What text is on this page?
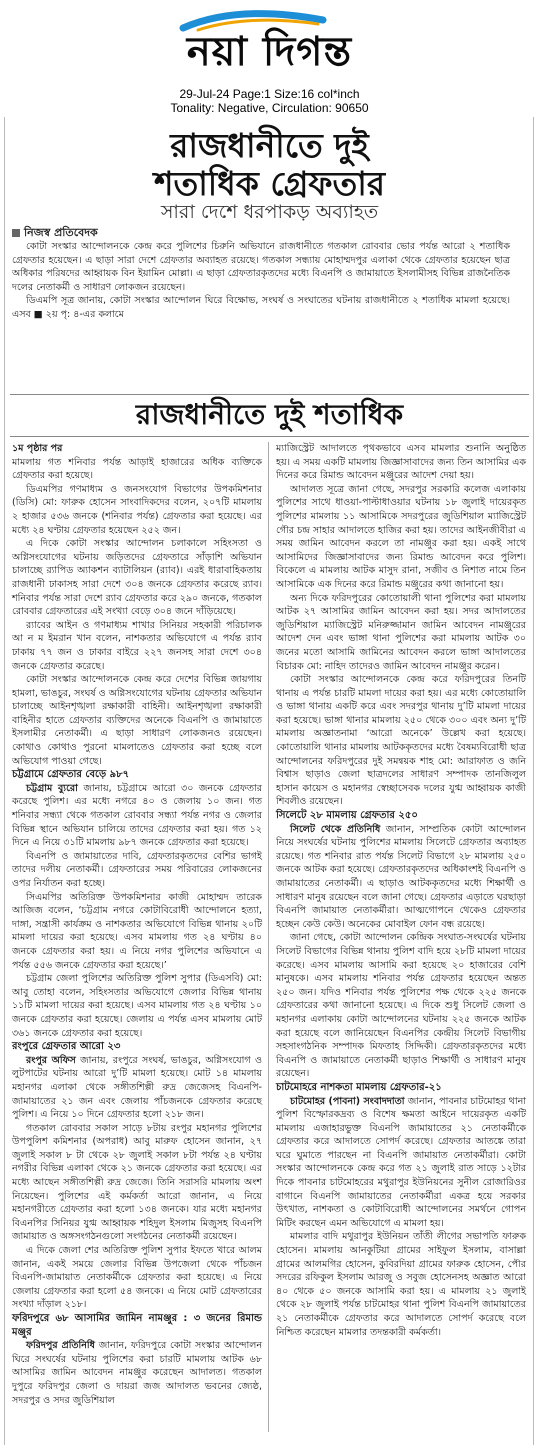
নয়া দিগন্ত
29-Jul-24 Page:1 Size:16 col*inch
Tonality: Negative, Circulation: 90650
রাজধানীতে দুই
শতাধিক গ্রেফতার
সারা দেশে ধরপাকড় অব্যাহত
নিজস্ব প্রতিবেদক

কোটা সংস্কার আন্দোলনকে কেন্দ্র করে পুলিশের চিরুনি অভিযানে রাজধানীতে গতকাল রোববার ভোর পর্যন্ত আরো ২ শতাধিক গ্রেফতার হয়েছেন। এ ছাড়া সারা দেশে গ্রেফতার অব্যাহত রয়েছে। গতকাল সন্ধ্যায় মোহাম্মদপুর এলাকা থেকে গ্রেফতার হয়েছেন ছাত্র অধিকার পরিষদের আহ্বায়ক বিন ইয়ামিন মোল্লা। এ ছাড়া গ্রেফতারকৃতদের মধ্যে বিএনপি ও জামায়াতে ইসলামীসহ বিভিন্ন রাজনৈতিক দলের নেতাকর্মী ও সাধারণ লোকজন রয়েছেন।

ডিএমপি সূত্র জানায়, কোটা সংস্কার আন্দোলন ঘিরে বিক্ষোভ, সংঘর্ষ ও সংঘাতের ঘটনায় রাজধানীতে ২ শতাধিক মামলা হয়েছে। এসব ■ ২য় পৃ: ৪-এর কলামে

রাজধানীতে দুই শতাধিক

১ম পৃষ্ঠার পর

মামলায় গত শনিবার পর্যন্ত আড়াই হাজারের অধিক ব্যক্তিকে গ্রেফতার করা হয়েছে।

ডিএমপির গণমাধ্যম ও জনসংযোগ বিভাগের উপকমিশনার (ডিসি) মো: ফারুক হোসেন সাংবাদিকদের বলেন, ২০৭টি মামলায় ২ হাজার ৫৩৬ জনকে (শনিবার পর্যন্ত) গ্রেফতার করা হয়েছে। এর মধ্যে ২৪ ঘণ্টায় গ্রেফতার হয়েছেন ২৫২ জন।

এ দিকে কোটা সংস্কার আন্দোলন চলাকালে সহিংসতা ও অগ্নিসংযোগের ঘটনায় জড়িতদের গ্রেফতারে সাঁড়াশি অভিযান চালাচ্ছে র‌্যাপিড অ্যাকশন ব্যাটালিয়ন (র‌্যাব)। এরই ধারাবাহিকতায় রাজধানী ঢাকাসহ সারা দেশে ৩০৪ জনকে গ্রেফতার করেছে র‌্যাব। শনিবার পর্যন্ত সারা দেশে র‌্যাব গ্রেফতার করে ২৯০ জনকে, গতকাল রোববার গ্রেফতারের এই সংখ্যা বেড়ে ৩০৪ জনে দাঁড়িয়েছে।

র‌্যাবের আইন ও গণমাধ্যম শাখার সিনিয়র সহকারী পরিচালক আ ন ম ইমরান খান বলেন, নাশকতার অভিযোগে এ পর্যন্ত র‌্যাব ঢাকায় ৭৭ জন ও ঢাকার বাইরে ২২৭ জনসহ সারা দেশে ৩০৪ জনকে গ্রেফতার করেছে।

কোটা সংস্কার আন্দোলনকে কেন্দ্র করে দেশের বিভিন্ন জায়গায় হামলা, ভাঙচুর, সংঘর্ষ ও অগ্নিসংযোগের ঘটনায় গ্রেফতার অভিযান চালাচ্ছে আইনশৃঙ্খলা রক্ষাকারী বাহিনী। আইনশৃঙ্খলা রক্ষাকারী বাহিনীর হাতে গ্রেফতার ব্যক্তিদের অনেকে বিএনপি ও জামায়াতে ইসলামীর নেতাকর্মী। এ ছাড়া সাধারণ লোকজনও রয়েছেন। কোথাও কোথাও পুরনো মামলাতেও গ্রেফতার করা হচ্ছে বলে অভিযোগ পাওয়া গেছে।

চট্টগ্রামে গ্রেফতার বেড়ে ৯৮৭

চট্টগ্রাম ব্যুরো জানায়, চট্টগ্রামে আরো ৩০ জনকে গ্রেফতার করেছে পুলিশ। এর মধ্যে নগরে ৪০ ও জেলায় ১০ জন। গত শনিবার সন্ধ্যা থেকে গতকাল রোববার সন্ধ্যা পর্যন্ত নগর ও জেলার বিভিন্ন স্থানে অভিযান চালিয়ে তাদের গ্রেফতার করা হয়। গত ১২ দিনে এ নিয়ে ৩১টি মামলায় ৯৮৭ জনকে গ্রেফতার করা হয়েছে।

বিএনপি ও জামায়াতের দাবি, গ্রেফতারকৃতদের বেশির ভাগই তাদের দলীয় নেতাকর্মী। গ্রেফতারের সময় পরিবারের লোকজনের ওপর নির্যাতন করা হচ্ছে।

সিএমপির অতিরিক্ত উপকমিশনার কাজী মোহাম্মদ তারেক আজিজ বলেন, ‘চট্টগ্রাম নগরে কোটাবিরোধী আন্দোলনে হত্যা, দাঙ্গা, সন্ত্রাসী কার্যক্রম ও নাশকতার অভিযোগে বিভিন্ন থানায় ২০টি মামলা দায়ের করা হয়েছে। এসব মামলায় গত ২৪ ঘণ্টায় ৪০ জনকে গ্রেফতার করা হয়। এ নিয়ে নগর পুলিশের অভিযানে এ পর্যন্ত ৫৫৬ জনকে গ্রেফতার করা হয়েছে।’

চট্টগ্রাম জেলা পুলিশের অতিরিক্ত পুলিশ সুপার (ডিএসবি) মো: আবু তোহা বলেন, সহিংসতার অভিযোগে জেলার বিভিন্ন থানায় ১১টি মামলা দায়ের করা হয়েছে। এসব মামলায় গত ২৪ ঘণ্টায় ১০ জনকে গ্রেফতার করা হয়েছে। জেলায় এ পর্যন্ত এসব মামলায় মোট ৩৬১ জনকে গ্রেফতার করা হয়েছে।

রংপুরে গ্রেফতার আরো ২৩

রংপুর অফিস জানায়, রংপুরে সংঘর্ষ, ভাঙচুর, অগ্নিসংযোগ ও লুটপাটের ঘটনায় আরো দু’টি মামলা হয়েছে। মোট ১৪ মামলায় মহানগর এলাকা থেকে সঙ্গীতশিল্পী রুদ্র জেজেসহ বিএনপি-জামায়াতের ২১ জন এবং জেলায় পাঁচজনকে গ্রেফতার করেছে পুলিশ। এ নিয়ে ১০ দিনে গ্রেফতার হলো ২১৮ জন।

গতকাল রোববার সকাল সাড়ে ৮টায় রংপুর মহানগর পুলিশের উপপুলিশ কমিশনার (অপরাধ) আবু মারুফ হোসেন জানান, ২৭ জুলাই সকাল ৮ টা থেকে ২৮ জুলাই সকাল ৮টা পর্যন্ত ২৪ ঘণ্টায় নগরীর বিভিন্ন এলাকা থেকে ২১ জনকে গ্রেফতার করা হয়েছে। এর মধ্যে আছেন সঙ্গীতশিল্পী রুদ্র জেজে। তিনি সরাসরি মামলায় অংশ নিয়েছেন। পুলিশের এই কর্মকর্তা আরো জানান, এ নিয়ে মহানগরীতে গ্রেফতার করা হলো ১৩৪ জনকে। যার মধ্যে মহানগর বিএনপির সিনিয়র যুগ্ম আহ্বায়ক শহিদুল ইসলাম মিজুসহ বিএনপি জামায়াত ও অঙ্গসংগঠনগুলো সংগঠনের নেতাকর্মী রয়েছেন।

এ দিকে জেলা শের অতিরিক্ত পুলিশ সুপার ইফতে খারে আলম জানান, একই সময়ে জেলার বিভিন্ন উপজেলা থেকে পাঁচজন বিএনপি-জামায়াত নেতাকর্মীকে গ্রেফতার করা হয়েছে। এ নিয়ে জেলায় গ্রেফতার করা হলো ৫৪ জনকে। এ নিয়ে মোট গ্রেফতারের সংখ্যা দাঁড়াল ২১৮।

ফরিদপুরে ৬৮ আসামির জামিন নামঞ্জুর : ৩ জনের রিমান্ড মঞ্জুর

ফরিদপুর প্রতিনিধি জানান, ফরিদপুরে কোটা সংস্কার আন্দোলন ঘিরে সংঘর্ষের ঘটনায় পুলিশের করা চারটি মামলায় আটক ৬৮ আসামির জামিন আবেদন নামঞ্জুর করেছেন আদালত। গতকাল দুপুরে ফরিদপুর জেলা ও দায়রা জজ আদালত ভবনের জ্যেষ্ঠ, সদরপুর ও সদর জুডিশিয়াল

ম্যাজিস্ট্রেট আদালতে পৃথকভাবে এসব মামলার শুনানি অনুষ্ঠিত হয়। এ সময় একটি মামলায় জিজ্ঞাসাবাদের জন্য তিন আসামির এক দিনের করে রিমান্ড আবেদন মঞ্জুরের আদেশ দেয়া হয়।

আদালত সূত্রে জানা গেছে, সদরপুর সরকারি কলেজ এলাকায় পুলিশের সাথে ধাওয়া-পাল্টাধাওয়ার ঘটনায় ১৮ জুলাই দায়েরকৃত পুলিশের মামলায় ১১ আসামিকে সদরপুরের জুডিশিয়াল ম্যাজিস্ট্রেট গৌর চন্দ্র সাহার আদালতে হাজির করা হয়। তাদের আইনজীবীরা এ সময় জামিন আবেদন করলে তা নামঞ্জুর করা হয়। একই সাথে আসামিদের জিজ্ঞাসাবাদের জন্য রিমান্ড আবেদন করে পুলিশ। বিকেলে এ মামলায় আটক মাসুদ রানা, সজীব ও নিশাত নামে তিন আসামিকে এক দিনের করে রিমান্ড মঞ্জুরের কথা জানানো হয়।

অন্য দিকে ফরিদপুরের কোতোয়ালী থানা পুলিশের করা মামলায় আটক ২৭ আসামির জামিন আবেদন করা হয়। সদর আদালতের জুডিশিয়াল ম্যাজিস্ট্রেট মনিরুজ্জামান জামিন আবেদন নামঞ্জুরের আদেশ দেন এবং ভাঙ্গা থানা পুলিশের করা মামলায় আটক ৩০ জনের মতো আসামি জামিনের আবেদন করলে ভাঙ্গা আদালতের বিচারক মো: নাহিদ তাদেরও জামিন আবেদন নামঞ্জুর করেন।

কোটা সংস্কার আন্দোলনকে কেন্দ্র করে ফরিদপুরের তিনটি থানায় এ পর্যন্ত চারটি মামলা দায়ের করা হয়। এর মধ্যে কোতোয়ালি ও ভাঙ্গা থানায় একটি করে এবং সদরপুর থানায় দু’টি মামলা দায়ের করা হয়েছে। ভাঙ্গা থানার মামলায় ২৫০ থেকে ৩০০ এবং অন্য দু’টি মামলায় অজ্ঞাতনামা ‘আরো অনেকে’ উল্লেখ করা হয়েছে। কোতোয়ালি থানার মামলায় আটককৃতদের মধ্যে বৈষম্যবিরোধী ছাত্র আন্দোলনের ফরিদপুরের দুই সমন্বয়ক শাহ মো: আরাফাত ও জনি বিশ্বাস ছাড়াও জেলা ছাত্রদলের সাধারণ সম্পাদক তানজিলুল হাসান কায়েস ও মহানগর স্বেচ্ছাসেবক দলের যুগ্ম আহ্বায়ক কাজী শিবলীও রয়েছেন।

সিলেটে ২৮ মামলায় গ্রেফতার ২৫০

সিলেট থেকে প্রতিনিধি জানান, সাম্প্রতিক কোটা আন্দোলন নিয়ে সংঘর্ষের ঘটনায় পুলিশের মামলায় সিলেটে গ্রেফতার অব্যাহত রয়েছে। গত শনিবার রাত পর্যন্ত সিলেট বিভাগে ২৮ মামলায় ২৫০ জনকে আটক করা হয়েছে। গ্রেফতারকৃতদের অধিকাংশই বিএনপি ও জামায়াতের নেতাকর্মী। এ ছাড়াও আটককৃতদের মধ্যে শিক্ষার্থী ও সাধারণ মানুষ রয়েছেন বলে জানা গেছে। গ্রেফতার এড়াতে ঘরছাড়া বিএনপি জামায়াত নেতাকর্মীরা। আত্মগোপনে থেকেও গ্রেফতার হচ্ছেন কেউ কেউ। অনেকের মোবাইল ফোন বন্ধ রয়েছে।

জানা গেছে, কোটা আন্দোলন কেন্দ্রিক সংঘাত-সংঘর্ষের ঘটনায় সিলেট বিভাগের বিভিন্ন থানায় পুলিশ বাদি হয়ে ২৮টি মামলা দায়ের করেছে। এসব মামলায় আসামি করা হয়েছে ২০ হাজারের বেশি মানুষকে। এসব মামলায় শনিবার পর্যন্ত গ্রেফতার হয়েছেন অন্তত ২৫০ জন। যদিও শনিবার পর্যন্ত পুলিশের পক্ষ থেকে ২২৫ জনকে গ্রেফতারের কথা জানানো হয়েছে। এ দিকে শুধু সিলেট জেলা ও মহানগর এলাকায় কোটা আন্দোলনের ঘটনায় ২২৫ জনকে আটক করা হয়েছে বলে জানিয়েছেন বিএনপির কেন্দ্রীয় সিলেট বিভাগীয় সহসাংগঠনিক সম্পাদক মিফতাহ সিদ্দিকী। গ্রেফতারকৃতদের মধ্যে বিএনপি ও জামায়াতে নেতাকর্মী ছাড়াও শিক্ষার্থী ও সাধারণ মানুষ রয়েছেন।

চাটমোহরে নাশকতা মামলায় গ্রেফতার-২১

চাটমোহর (পাবনা) সংবাদদাতা জানান, পাবনার চাটমোহর থানা পুলিশ বিস্ফোরকদ্রব্য ও বিশেষ ক্ষমতা আইনে দায়েরকৃত একটি মামলায় এজাহারভুক্ত বিএনপি জামায়াতের ২১ নেতাকর্মীকে গ্রেফতার করে আদালতে সোপর্দ করেছে। গ্রেফতার আতঙ্কে তারা ঘরে ঘুমাতে পারছেন না বিএনপি জামায়াত নেতাকর্মীরা। কোটা সংস্কার আন্দোলনকে কেন্দ্র করে গত ২১ জুলাই রাত সাড়ে ১২টার দিকে পাবনার চাটমোহরের মথুরাপুর ইউনিয়নের সুনীল রোজারিওর বাগানে বিএনপি জামায়াতের নেতাকর্মীরা একত্র হয়ে সরকার উৎখাত, নাশকতা ও কোটাবিরোধী আন্দোলনের সমর্থনে গোপন মিটিং করছেন এমন অভিযোগে এ মামলা হয়।

মামলার বাদি মথুরাপুর ইউনিয়ন তাঁতী লীগের সভাপতি ফারুক হোসেন। মামলায় আনকুটিয়া গ্রামের সাইফুল ইসলাম, বাসাল্লা গ্রামের আলমগির হোসেন, কুবিরদিয়া গ্রামের ফারুক হোসেন, পৌর সদরের রফিকুল ইসলাম আরজু ও সবুজ হোসেনসহ অজ্ঞাত আরো ৪০ থেকে ৫০ জনকে আসামি করা হয়। এ মামলায় ২১ জুলাই থেকে ২৮ জুলাই পর্যন্ত চাটমোহর থানা পুলিশ বিএনপি জামায়াতের ২১ নেতাকর্মীকে গ্রেফতার করে আদালতে সোপর্দ করেছে বলে নিশ্চিত করেছেন মামলার তদন্তকারী কর্মকর্তা।
